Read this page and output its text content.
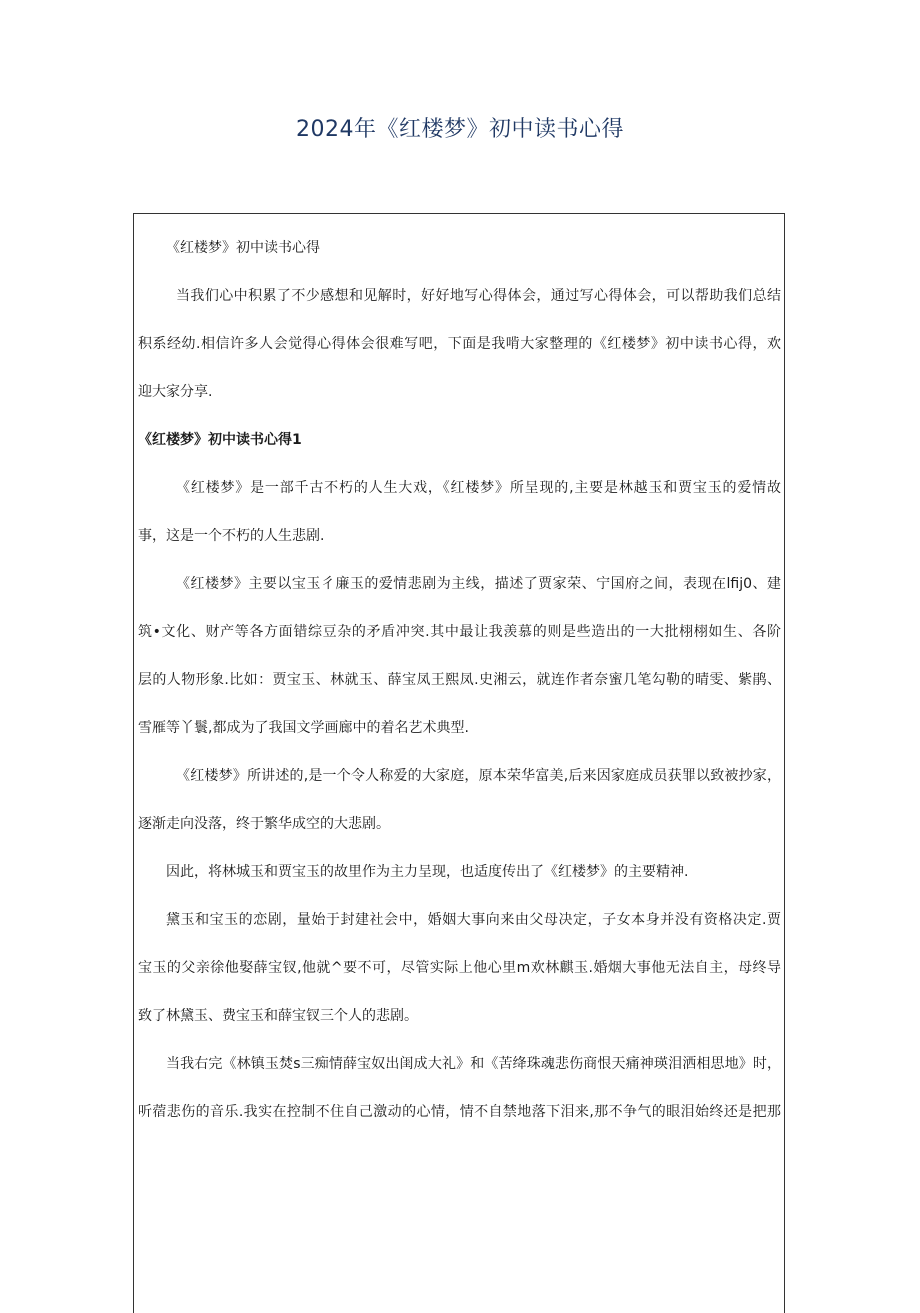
2024年《红楼梦》初中读书心得
《红楼梦》初中读书心得
当我们心中积累了不少感想和见解时，好好地写心得体会，通过写心得体会，可以帮助我们总结
积系经幼.相信许多人会觉得心得体会很难写吧，下面是我啃大家整理的《红楼梦》初中读书心得，欢
迎大家分享.
《红楼梦》初中读书心得1
《红楼梦》是一部千古不朽的人生大戏，《红楼梦》所呈现的,主要是林越玉和贾宝玉的爱情故
事，这是一个不朽的人生悲剧.
《红楼梦》主要以宝玉彳廉玉的爱情悲剧为主线，描述了贾家荣、宁国府之间，表现在lfij0、建
筑•文化、财产等各方面错综豆杂的矛盾冲突.其中最让我羡慕的则是些造出的一大批栩栩如生、各阶
层的人物形象.比如：贾宝玉、林就玉、薛宝凤王熙凤.史湘云，就连作者奈蜜几笔勾勒的晴雯、紫鹃、
雪雁等丫鬟,都成为了我国文学画廊中的着名艺术典型.
《红楼梦》所讲述的,是一个令人称爱的大家庭，原本荣华富美,后来因家庭成员获罪以致被抄家，
逐渐走向没落，终于繁华成空的大悲剧。
因此，将林城玉和贾宝玉的故里作为主力呈现，也适度传出了《红楼梦》的主要精神.
黛玉和宝玉的恋剧，量始于封建社会中，婚姻大事向来由父母决定，子女本身并没有资格决定.贾
宝玉的父亲徐他娶薛宝钗,他就^要不可，尽管实际上他心里m欢林麒玉.婚烟大事他无法自主，母终导
致了林黛玉、费宝玉和薛宝钗三个人的悲剧。
当我右完《林镇玉焚s三痴情薛宝奴出闺成大礼》和《苦绛珠魂悲伤商恨天痛神瑛泪洒相思地》时，
听蓿悲伤的音乐.我实在控制不住自己激动的心情，情不自禁地落下泪来,那不争气的眼泪始终还是把那
